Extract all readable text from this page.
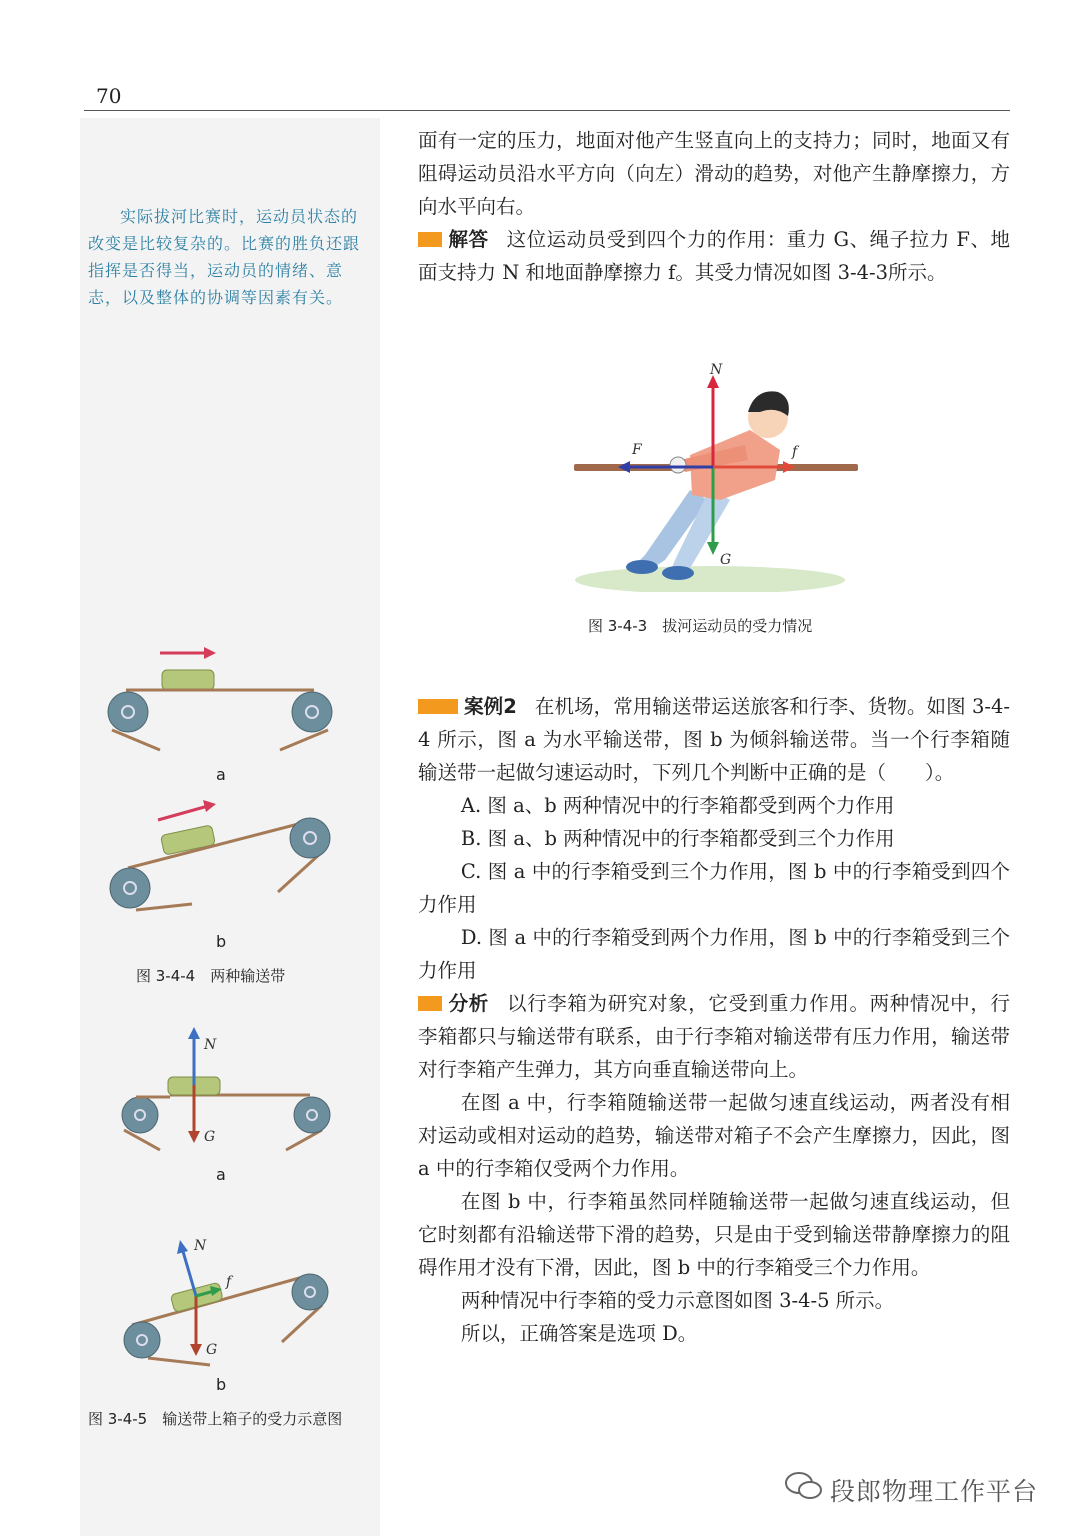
70

实际拔河比赛时，运动员状态的改变是比较复杂的。比赛的胜负还跟指挥是否得当，运动员的情绪、意志，以及整体的协调等因素有关。

面有一定的压力，地面对他产生竖直向上的支持力；同时，地面又有阻碍运动员沿水平方向（向左）滑动的趋势，对他产生静摩擦力，方向水平向右。

解答 这位运动员受到四个力的作用：重力 G、绳子拉力 F、地面支持力 N 和地面静摩擦力 f。其受力情况如图 3-4-3所示。

N
F	f
G
图 3-4-3　拔河运动员的受力情况

案例2 在机场，常用输送带运送旅客和行李、货物。如图 3-4-4 所示，图 a 为水平输送带，图 b 为倾斜输送带。当一个行李箱随输送带一起做匀速运动时，下列几个判断中正确的是（　　）。

A. 图 a、b 两种情况中的行李箱都受到两个力作用

B. 图 a、b 两种情况中的行李箱都受到三个力作用

C. 图 a 中的行李箱受到三个力作用，图 b 中的行李箱受到四个力作用

D. 图 a 中的行李箱受到两个力作用，图 b 中的行李箱受到三个力作用

分析 以行李箱为研究对象，它受到重力作用。两种情况中，行李箱都只与输送带有联系，由于行李箱对输送带有压力作用，输送带对行李箱产生弹力，其方向垂直输送带向上。

在图 a 中，行李箱随输送带一起做匀速直线运动，两者没有相对运动或相对运动的趋势，输送带对箱子不会产生摩擦力，因此，图 a 中的行李箱仅受两个力作用。

在图 b 中，行李箱虽然同样随输送带一起做匀速直线运动，但它时刻都有沿输送带下滑的趋势，只是由于受到输送带静摩擦力的阻碍作用才没有下滑，因此，图 b 中的行李箱受三个力作用。

两种情况中行李箱的受力示意图如图 3-4-5 所示。

所以，正确答案是选项 D。

a
b
图 3-4-4　两种输送带
N
G
a
N
f
G
b
图 3-4-5　输送带上箱子的受力示意图
段郎物理工作平台
